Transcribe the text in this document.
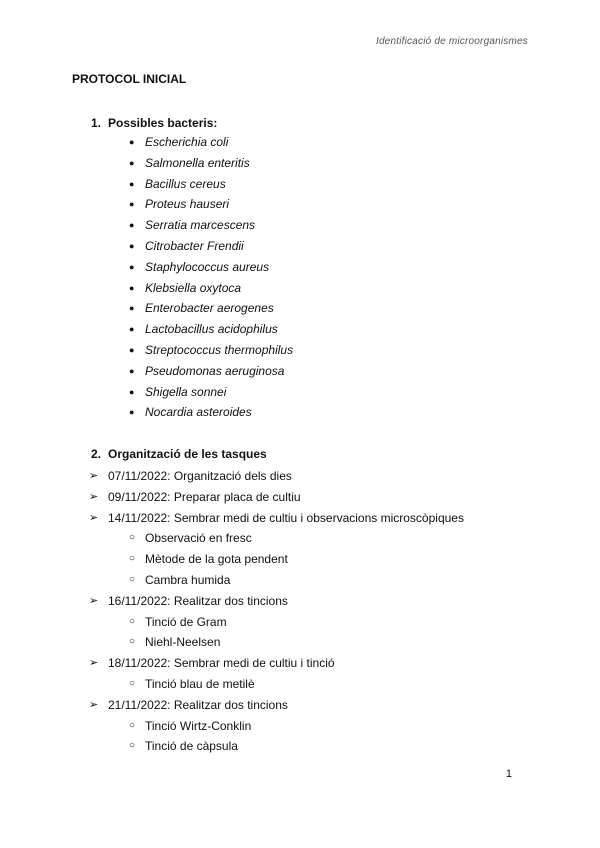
Identificació de microorganismes
PROTOCOL INICIAL
1. Possibles bacteris:
● Escherichia coli
● Salmonella enteritis
● Bacillus cereus
● Proteus hauseri
● Serratia marcescens
● Citrobacter Frendii
● Staphylococcus aureus
● Klebsiella oxytoca
● Enterobacter aerogenes
● Lactobacillus acidophilus
● Streptococcus thermophilus
● Pseudomonas aeruginosa
● Shigella sonnei
● Nocardia asteroides
2. Organització de les tasques
➢ 07/11/2022: Organització dels dies
➢ 09/11/2022: Preparar placa de cultiu
➢ 14/11/2022: Sembrar medi de cultiu i observacions microscòpiques
○ Observació en fresc
○ Mètode de la gota pendent
○ Cambra humida
➢ 16/11/2022: Realitzar dos tincions
○ Tinció de Gram
○ Niehl-Neelsen
➢ 18/11/2022: Sembrar medi de cultiu i tinció
○ Tinció blau de metilè
➢ 21/11/2022: Realitzar dos tincions
○ Tinció Wirtz-Conklin
○ Tinció de càpsula
1
